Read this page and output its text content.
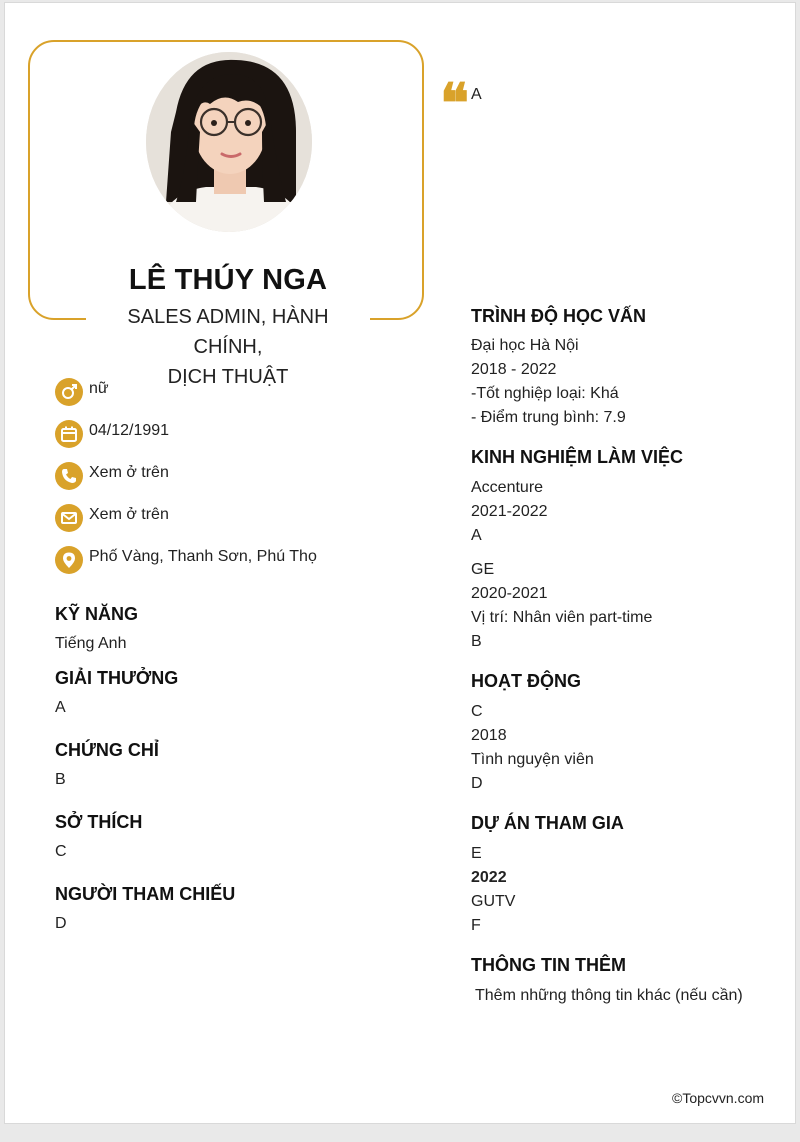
LÊ THÚY NGA
SALES ADMIN, HÀNH CHÍNH,
DỊCH THUẬT
❝ A
nữ
04/12/1991
Xem ở trên
Xem ở trên
Phố Vàng, Thanh Sơn, Phú Thọ
KỸ NĂNG
Tiếng Anh
GIẢI THƯỞNG
A
CHỨNG CHỈ
B
SỞ THÍCH
C
NGƯỜI THAM CHIẾU
D
TRÌNH ĐỘ HỌC VẤN
Đại học Hà Nội
2018 - 2022
-Tốt nghiệp loại: Khá
- Điểm trung bình: 7.9
KINH NGHIỆM LÀM VIỆC
Accenture
2021-2022
A
GE
2020-2021
Vị trí: Nhân viên part-time
B
HOẠT ĐỘNG
C
2018
Tình nguyện viên
D
DỰ ÁN THAM GIA
E
2022
GUTV
F
THÔNG TIN THÊM
Thêm những thông tin khác (nếu cần)
©Topcvvn.com
